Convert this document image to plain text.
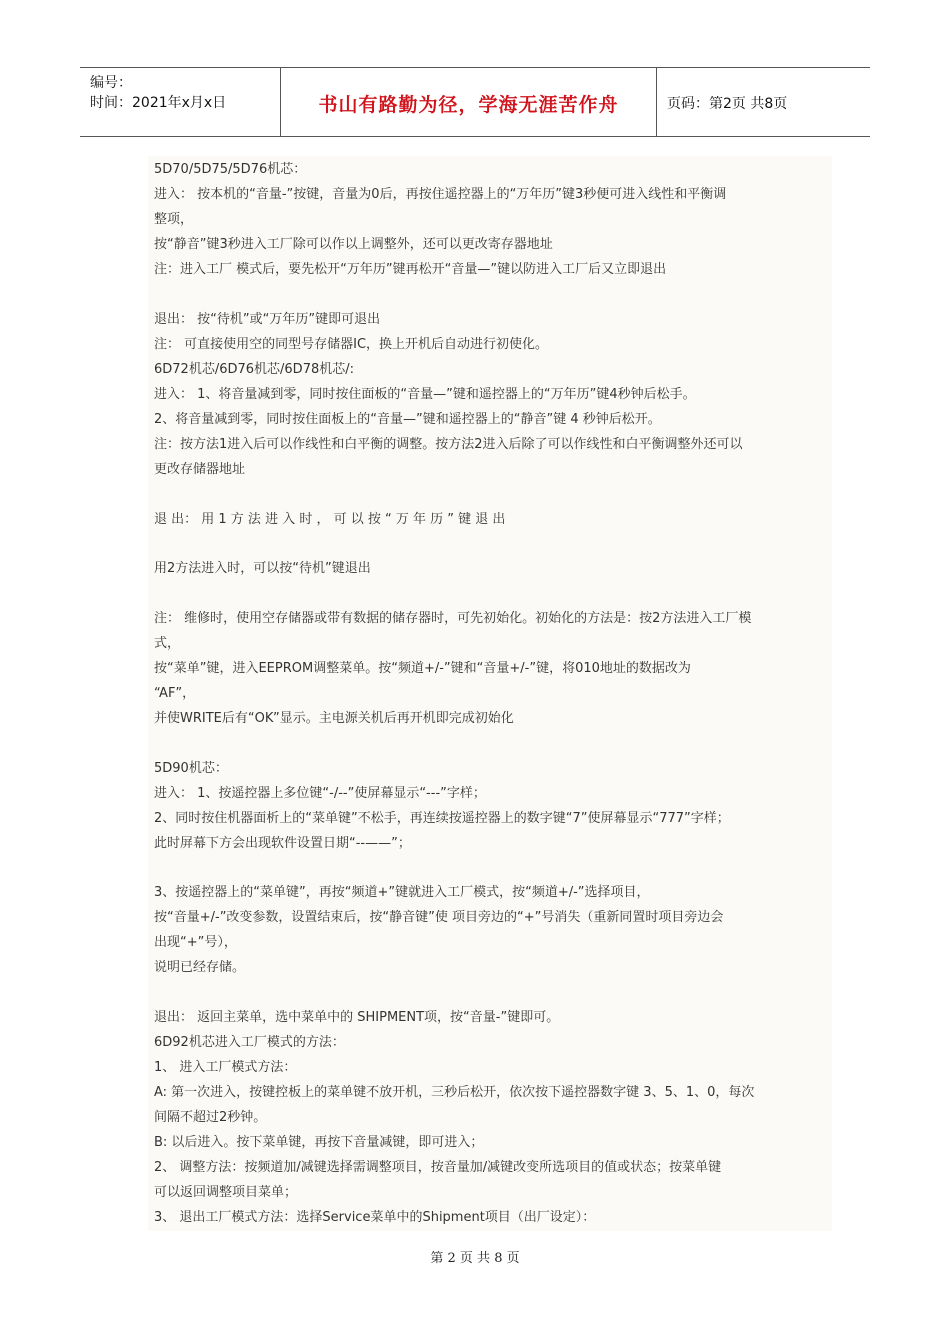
编号：
时间：2021年x月x日	书山有路勤为径，学海无涯苦作舟	页码：第2页 共8页
5D70/5D75/5D76机芯：
进入： 按本机的“音量-”按键，音量为0后，再按住遥控器上的“万年历”键3秒便可进入线性和平衡调
整项，
按“静音”键3秒进入工厂除可以作以上调整外，还可以更改寄存器地址
注：进入工厂 模式后，要先松开“万年历”键再松开“音量—”键以防进入工厂后又立即退出
退出： 按“待机”或“万年历”键即可退出
注： 可直接使用空的同型号存储器IC，换上开机后自动进行初使化。
6D72机芯/6D76机芯/6D78机芯/:
进入： 1、将音量减到零，同时按住面板的“音量—”键和遥控器上的“万年历”键4秒钟后松手。
2、将音量减到零，同时按住面板上的“音量—”键和遥控器上的“静音”键 4 秒钟后松开。
注：按方法1进入后可以作线性和白平衡的调整。按方法2进入后除了可以作线性和白平衡调整外还可以
更改存储器地址
退 出： 用 1 方 法 进 入 时 ， 可 以 按 “ 万 年 历 ” 键 退 出
用2方法进入时，可以按“待机”键退出
注： 维修时，使用空存储器或带有数据的储存器时，可先初始化。初始化的方法是：按2方法进入工厂模
式，
按“菜单”键，进入EEPROM调整菜单。按“频道+/-”键和“音量+/-”键，将010地址的数据改为
“AF”，
并使WRITE后有“OK”显示。主电源关机后再开机即完成初始化
5D90机芯：
进入： 1、按遥控器上多位键“-/--”使屏幕显示“---”字样；
2、同时按住机器面析上的“菜单键”不松手，再连续按遥控器上的数字键“7”使屏幕显示“777”字样；
此时屏幕下方会出现软件设置日期“--——”；
3、按遥控器上的“菜单键”，再按“频道+”键就进入工厂模式，按“频道+/-”选择项目，
按“音量+/-”改变参数，设置结束后，按“静音键”使 项目旁边的“+”号消失（重新同置时项目旁边会
出现“+”号），
说明已经存储。
退出： 返回主菜单，选中菜单中的 SHIPMENT项，按“音量-”键即可。
6D92机芯进入工厂模式的方法：
1、 进入工厂模式方法：
A: 第一次进入，按键控板上的菜单键不放开机，三秒后松开，依次按下遥控器数字键 3、5、1、0，每次
间隔不超过2秒钟。
B: 以后进入。按下菜单键，再按下音量减键，即可进入；
2、 调整方法：按频道加/减键选择需调整项目，按音量加/减键改变所选项目的值或状态；按菜单键
可以返回调整项目菜单；
3、 退出工厂模式方法：选择Service菜单中的Shipment项目（出厂设定）：
第 2 页 共 8 页
